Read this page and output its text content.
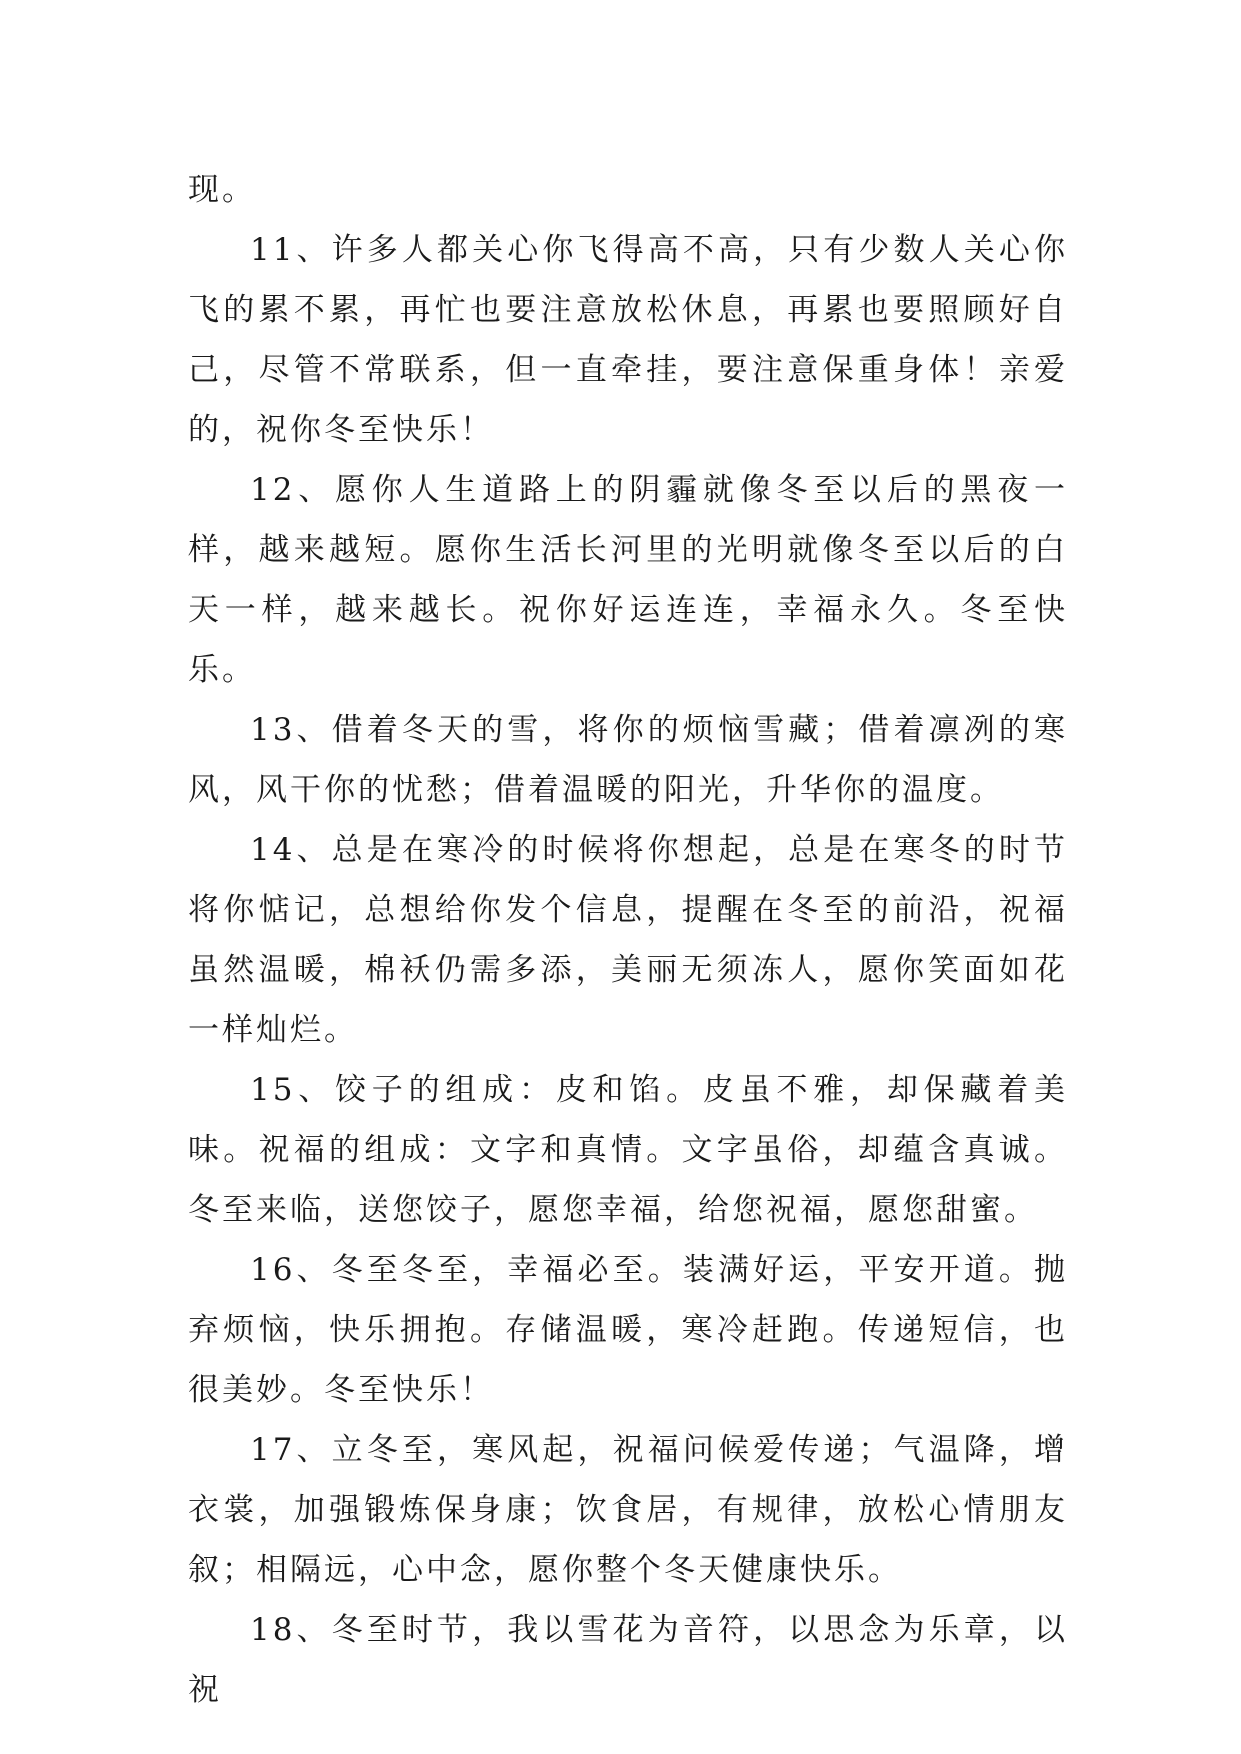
现。

11、许多人都关心你飞得高不高，只有少数人关心你飞的累不累，再忙也要注意放松休息，再累也要照顾好自己，尽管不常联系，但一直牵挂，要注意保重身体！亲爱的，祝你冬至快乐！

12、愿你人生道路上的阴霾就像冬至以后的黑夜一样，越来越短。愿你生活长河里的光明就像冬至以后的白天一样，越来越长。祝你好运连连，幸福永久。冬至快乐。

13、借着冬天的雪，将你的烦恼雪藏；借着凛冽的寒风，风干你的忧愁；借着温暖的阳光，升华你的温度。

14、总是在寒冷的时候将你想起，总是在寒冬的时节将你惦记，总想给你发个信息，提醒在冬至的前沿，祝福虽然温暖，棉袄仍需多添，美丽无须冻人，愿你笑面如花一样灿烂。

15、饺子的组成：皮和馅。皮虽不雅，却保藏着美味。祝福的组成：文字和真情。文字虽俗，却蕴含真诚。冬至来临，送您饺子，愿您幸福，给您祝福，愿您甜蜜。

16、冬至冬至，幸福必至。装满好运，平安开道。抛弃烦恼，快乐拥抱。存储温暖，寒冷赶跑。传递短信，也很美妙。冬至快乐！

17、立冬至，寒风起，祝福问候爱传递；气温降，增衣裳，加强锻炼保身康；饮食居，有规律，放松心情朋友叙；相隔远，心中念，愿你整个冬天健康快乐。

18、冬至时节，我以雪花为音符，以思念为乐章，以祝
